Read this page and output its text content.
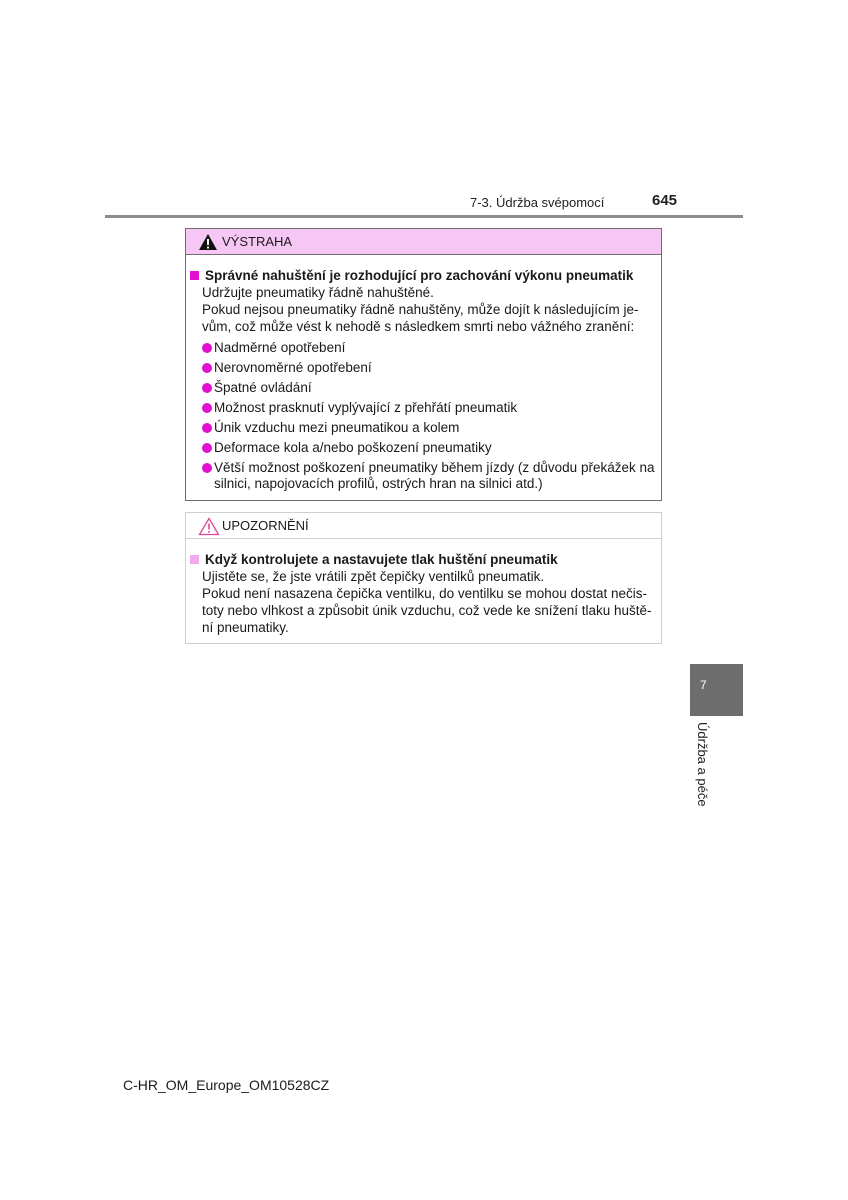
7-3. Údržba svépomocí	645
VÝSTRAHA
Správné nahuštění je rozhodující pro zachování výkonu pneumatik
Udržujte pneumatiky řádně nahuštěné.
Pokud nejsou pneumatiky řádně nahuštěny, může dojít k následujícím je-
vům, což může vést k nehodě s následkem smrti nebo vážného zranění:
Nadměrné opotřebení
Nerovnoměrné opotřebení
Špatné ovládání
Možnost prasknutí vyplývající z přehřátí pneumatik
Únik vzduchu mezi pneumatikou a kolem
Deformace kola a/nebo poškození pneumatiky
Větší možnost poškození pneumatiky během jízdy (z důvodu překážek na silnici, napojovacích profilů, ostrých hran na silnici atd.)
UPOZORNĚNÍ
Když kontrolujete a nastavujete tlak huštění pneumatik
Ujistěte se, že jste vrátili zpět čepičky ventilků pneumatik.
Pokud není nasazena čepička ventilku, do ventilku se mohou dostat nečis-
toty nebo vlhkost a způsobit únik vzduchu, což vede ke snížení tlaku huště-
ní pneumatiky.
7
Údržba a péče
C-HR_OM_Europe_OM10528CZ
